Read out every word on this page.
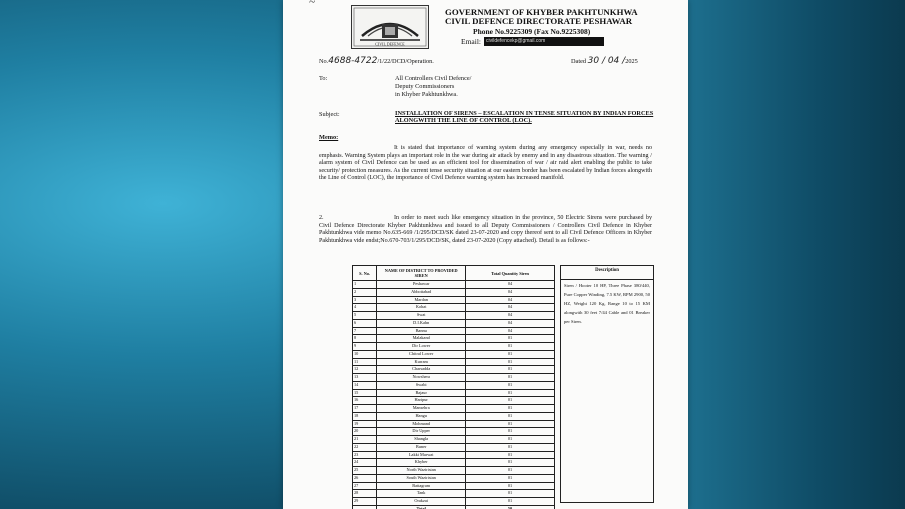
~
CIVIL DEFENCE
GOVERNMENT OF KHYBER PAKHTUNKHWA
CIVIL DEFENCE DIRECTORATE PESHAWAR
Phone No.9225309 (Fax No.9225308)
Email:	civildefencekp@gmail.com
No.4688-4722/1/22/DCD/Operation.	Dated 30 / 04 /2025
To:	All Controllers Civil Defence/
Deputy Commissioners
in Khyber Pakhtunkhwa.
Subject:	INSTALLATION OF SIRENS – ESCALATION IN TENSE SITUATION BY INDIAN FORCES ALONGWITH THE LINE OF CONTROL (LOC).
Memo:
It is stated that importance of warning system during any emergency especially in war, needs no emphasis. Warning System plays an important role in the war during air attack by enemy and in any disastrous situation. The warning / alarm system of Civil Defence can be used as an efficient tool for dissemination of war / air raid alert enabling the public to take security/ protection measures. As the current tense security situation at our eastern border has been escalated by Indian forces alongwith the Line of Control (LOC), the importance of Civil Defence warning system has increased manifold.
2.	In order to meet such like emergency situation in the province, 50 Electric Sirens were purchased by Civil Defence Directorate Khyber Pakhtunkhwa and issued to all Deputy Commissioners / Controllers Civil Defence in Khyber Pakhtunkhwa vide memo No.635-669 /1/295/DCD/SK dated 23-07-2020 and copy thereof sent to all Civil Defence Officers in Khyber Pakhtunkhwa vide endst;No.670-703/1/295/DCD/SK, dated 23-07-2020 (Copy attached). Detail is as follows:-
S. No.	NAME OF DISTRICT TO PROVIDED SIREN	Total Quantity Siren
1	Peshawar	04
2	Abbottabad	04
3	Mardan	04
4	Kohat	04
5	Swat	04
6	D.I.Kahn	04
7	Bannu	04
8	Malakand	01
9	Dir Lower	01
10	Chitral Lower	01
11	Kurram	01
12	Charsadda	01
13	Nowshera	01
14	Swabi	01
15	Bajaur	01
16	Haripur	01
17	Mansehra	01
18	Hangu	01
19	Mohmand	01
20	Dir Upper	01
21	Shangla	01
22	Buner	01
23	Lakki Marwat	01
24	Khyber	01
25	North Waziristan	01
26	South Waziristan	01
27	Battagram	01
28	Tank	01
29	Orakzai	01
	Total	50
Description
Siren / Hooter 10 HP, Three Phase 380/440, Pure Copper Winding, 7.5 KW, RPM 2900, 50 HZ, Weight 120 Kg, Range 10 to 15 KM alongwith 30 feet 7/44 Cable and 01 Breaker per Siren.
